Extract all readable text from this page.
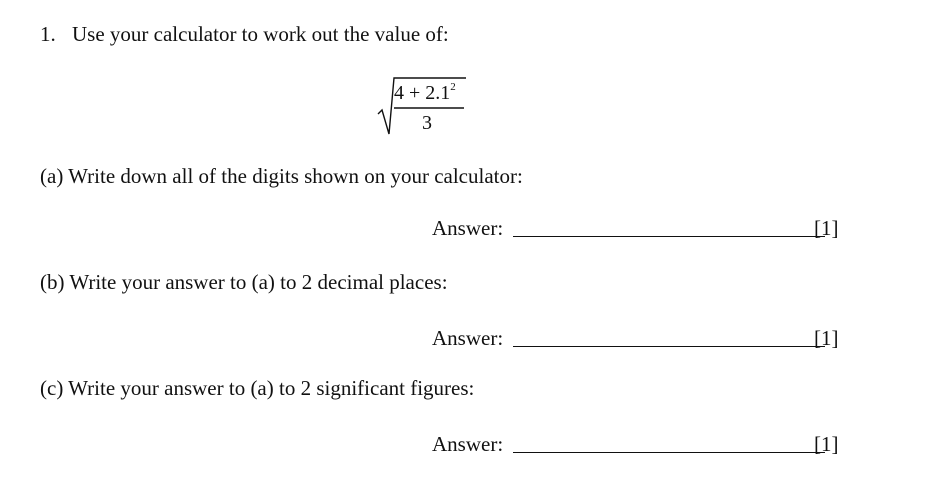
1. Use your calculator to work out the value of:
$4 + 2.1^2$
3
(a) Write down all of the digits shown on your calculator:
Answer:	[1]
(b) Write your answer to (a) to 2 decimal places:
Answer:	[1]
(c) Write your answer to (a) to 2 significant figures:
Answer:	[1]
